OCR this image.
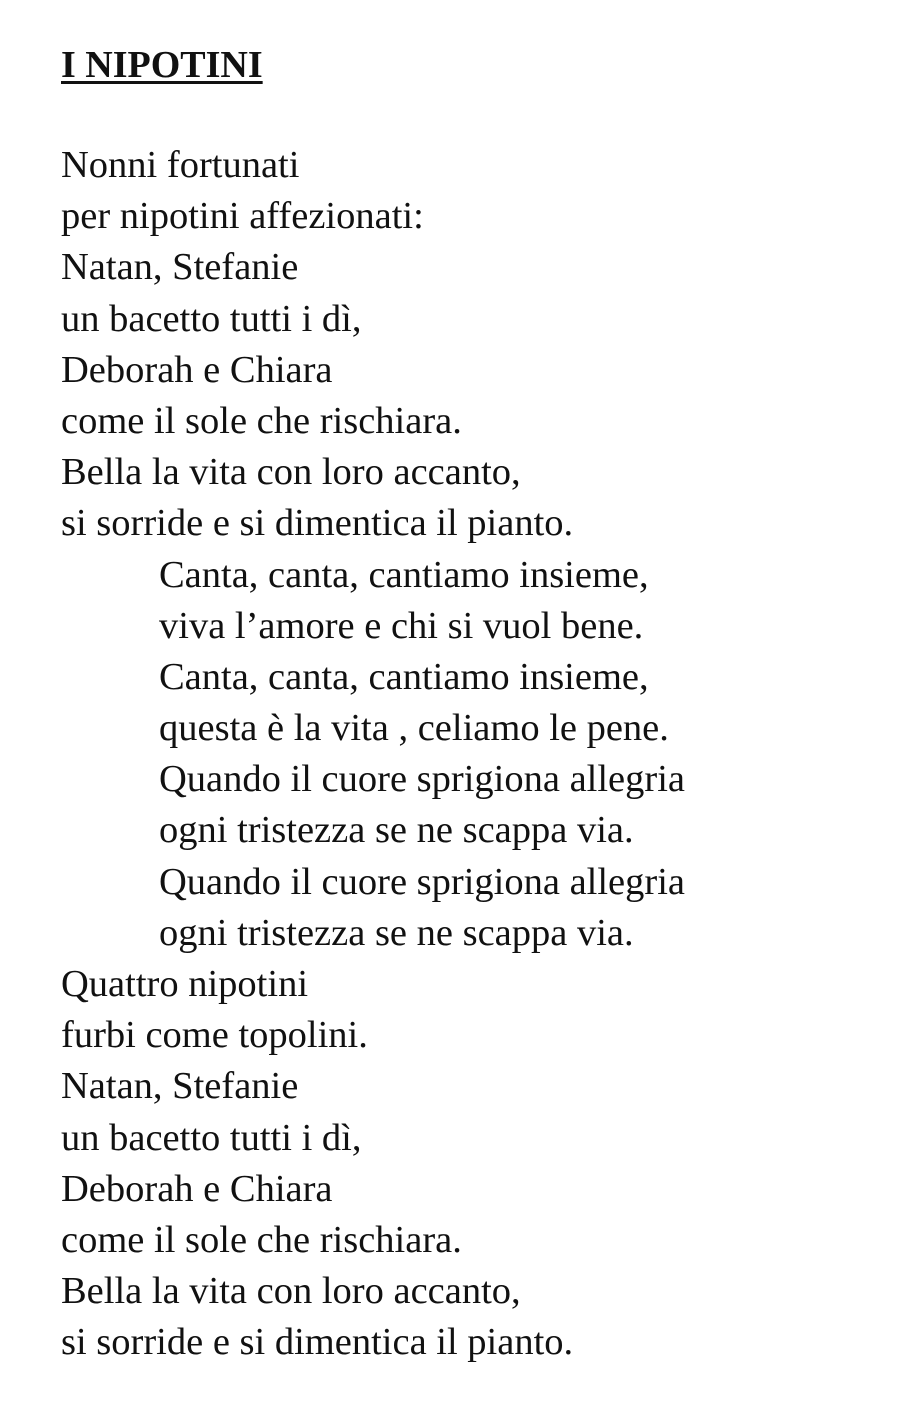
I NIPOTINI
Nonni fortunati
per nipotini affezionati:
Natan, Stefanie
un bacetto tutti i dì,
Deborah e Chiara
come il sole che rischiara.
Bella la vita con loro accanto,
si sorride e si dimentica il pianto.
Canta, canta, cantiamo insieme,
viva l’amore e chi si vuol bene.
Canta, canta, cantiamo insieme,
questa è la vita , celiamo le pene.
Quando il cuore sprigiona allegria
ogni tristezza se ne scappa via.
Quando il cuore sprigiona allegria
ogni tristezza se ne scappa via.
Quattro nipotini
furbi come topolini.
Natan, Stefanie
un bacetto tutti i dì,
Deborah e Chiara
come il sole che rischiara.
Bella la vita con loro accanto,
si sorride e si dimentica il pianto.
